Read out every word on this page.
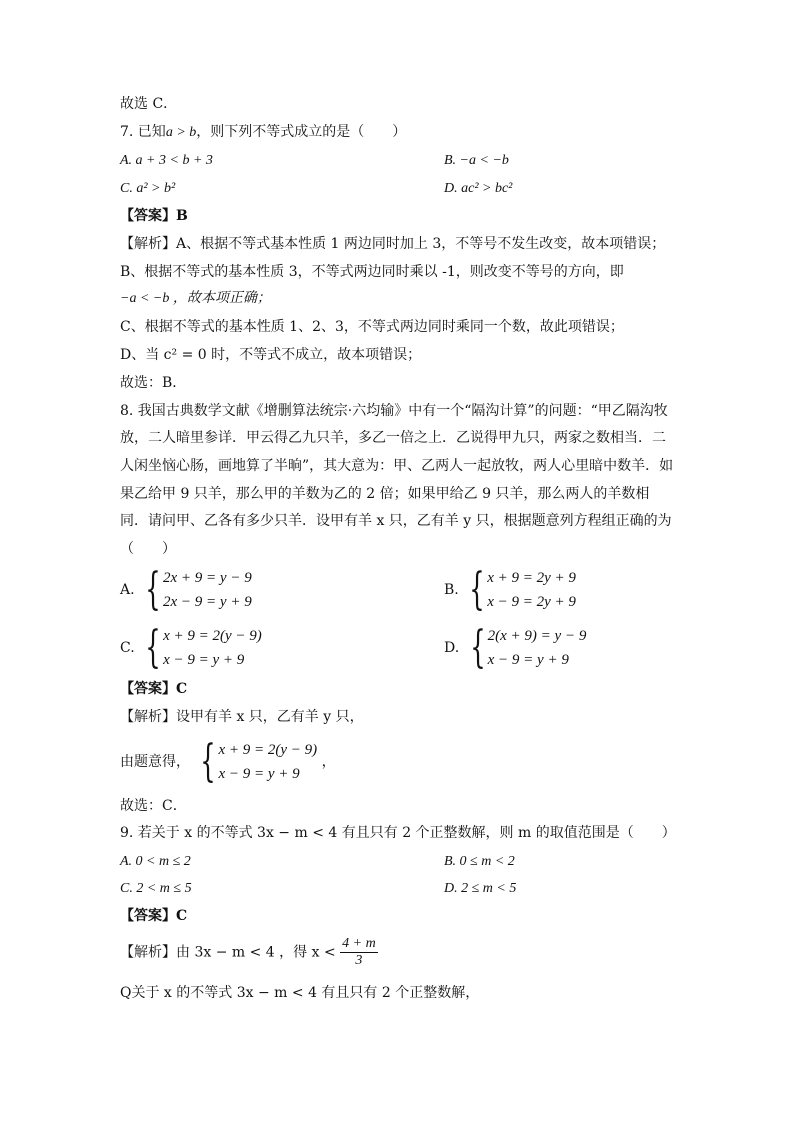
故选 C．
7. 已知a > b，则下列不等式成立的是（　　）
A. a + 3 < b + 3	B. −a < −b
C. a² > b²	D. ac² > bc²
【答案】B
【解析】A、根据不等式基本性质 1 两边同时加上 3，不等号不发生改变，故本项错误；
B、根据不等式的基本性质 3，不等式两边同时乘以 -1，则改变不等号的方向，即
−a < −b ，故本项正确；
C、根据不等式的基本性质 1、2、3，不等式两边同时乘同一个数，故此项错误；
D、当 c² = 0 时，不等式不成立，故本项错误；
故选：B．
8. 我国古典数学文献《增删算法统宗·六均输》中有一个“隔沟计算”的问题：“甲乙隔沟牧
放，二人暗里参详．甲云得乙九只羊，多乙一倍之上．乙说得甲九只，两家之数相当．二
人闲坐恼心肠，画地算了半晌”，其大意为：甲、乙两人一起放牧，两人心里暗中数羊．如
果乙给甲 9 只羊，那么甲的羊数为乙的 2 倍；如果甲给乙 9 只羊，那么两人的羊数相
同．请问甲、乙各有多少只羊．设甲有羊 x 只，乙有羊 y 只，根据题意列方程组正确的为
（　　）
A. { 2x + 9 = y − 9
2x − 9 = y + 9
B. { x + 9 = 2y + 9
x − 9 = 2y + 9
C. { x + 9 = 2(y − 9)
x − 9 = y + 9
D. { 2(x + 9) = y − 9
x − 9 = y + 9
【答案】C
【解析】设甲有羊 x 只，乙有羊 y 只，
由题意得， { x + 9 = 2(y − 9)
x − 9 = y + 9
，
故选：C．
9. 若关于 x 的不等式 3x − m < 4 有且只有 2 个正整数解，则 m 的取值范围是（　　）
A. 0 < m ≤ 2	B. 0 ≤ m < 2
C. 2 < m ≤ 5	D. 2 ≤ m < 5
【答案】C
【解析】由 3x − m < 4 ，得 $x < \frac{4 + m}{3}$
Q关于 x 的不等式 3x − m < 4 有且只有 2 个正整数解，
